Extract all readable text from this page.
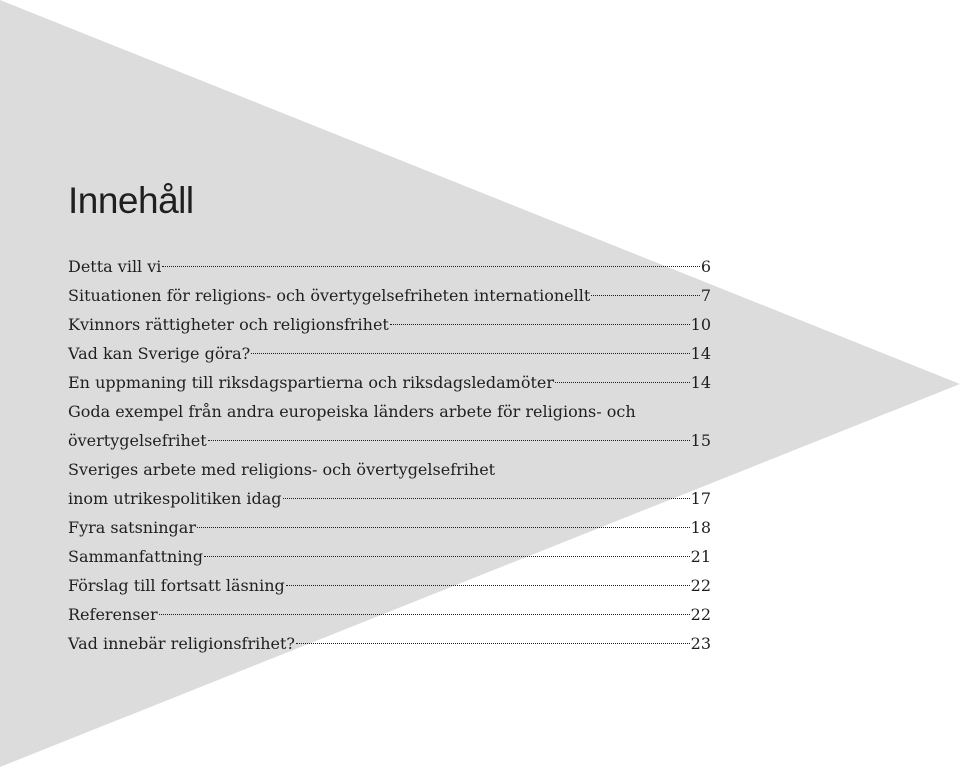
Innehåll
Detta vill vi	6
Situationen för religions- och övertygelsefriheten internationellt	7
Kvinnors rättigheter och religionsfrihet	10
Vad kan Sverige göra?	14
En uppmaning till riksdagspartierna och riksdagsledamöter	14
Goda exempel från andra europeiska länders arbete för religions- och
övertygelsefrihet	15
Sveriges arbete med religions- och övertygelsefrihet
inom utrikespolitiken idag	17
Fyra satsningar	18
Sammanfattning	21
Förslag till fortsatt läsning	22
Referenser	22
Vad innebär religionsfrihet?	23
